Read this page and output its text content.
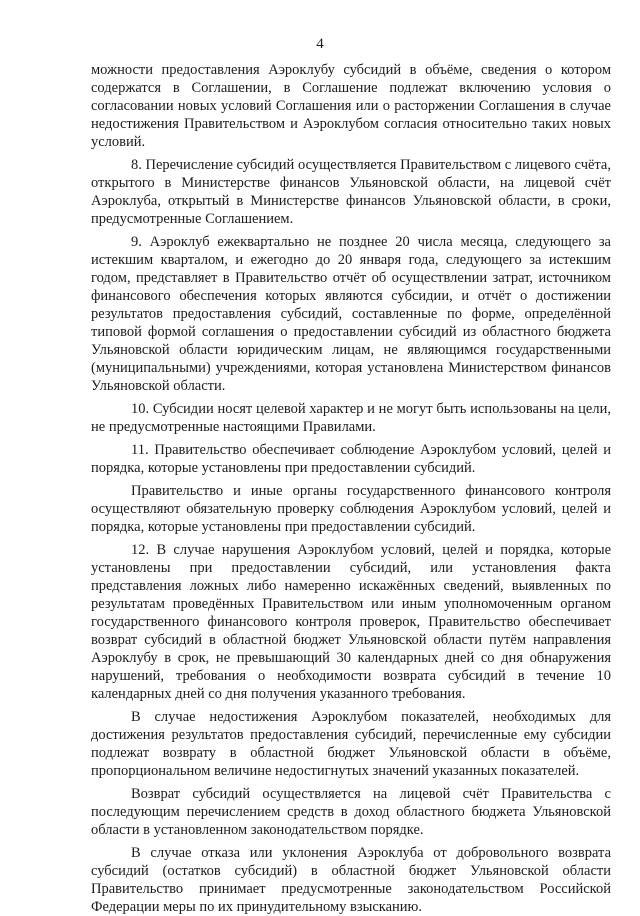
4

можности предоставления Аэроклубу субсидий в объёме, сведения о котором содержатся в Соглашении, в Соглашение подлежат включению условия о согласовании новых условий Соглашения или о расторжении Соглашения в случае недостижения Правительством и Аэроклубом согласия относительно таких новых условий.

8. Перечисление субсидий осуществляется Правительством с лицевого счёта, открытого в Министерстве финансов Ульяновской области, на лицевой счёт Аэроклуба, открытый в Министерстве финансов Ульяновской области, в сроки, предусмотренные Соглашением.

9. Аэроклуб ежеквартально не позднее 20 числа месяца, следующего за истекшим кварталом, и ежегодно до 20 января года, следующего за истекшим годом, представляет в Правительство отчёт об осуществлении затрат, источником финансового обеспечения которых являются субсидии, и отчёт о достижении результатов предоставления субсидий, составленные по форме, определённой типовой формой соглашения о предоставлении субсидий из областного бюджета Ульяновской области юридическим лицам, не являющимся государственными (муниципальными) учреждениями, которая установлена Министерством финансов Ульяновской области.

10. Субсидии носят целевой характер и не могут быть использованы на цели, не предусмотренные настоящими Правилами.

11. Правительство обеспечивает соблюдение Аэроклубом условий, целей и порядка, которые установлены при предоставлении субсидий.

Правительство и иные органы государственного финансового контроля осуществляют обязательную проверку соблюдения Аэроклубом условий, целей и порядка, которые установлены при предоставлении субсидий.

12. В случае нарушения Аэроклубом условий, целей и порядка, которые установлены при предоставлении субсидий, или установления факта представления ложных либо намеренно искажённых сведений, выявленных по результатам проведённых Правительством или иным уполномоченным органом государственного финансового контроля проверок, Правительство обеспечивает возврат субсидий в областной бюджет Ульяновской области путём направления Аэроклубу в срок, не превышающий 30 календарных дней со дня обнаружения нарушений, требования о необходимости возврата субсидий в течение 10 календарных дней со дня получения указанного требования.

В случае недостижения Аэроклубом показателей, необходимых для достижения результатов предоставления субсидий, перечисленные ему субсидии подлежат возврату в областной бюджет Ульяновской области в объёме, пропорциональном величине недостигнутых значений указанных показателей.

Возврат субсидий осуществляется на лицевой счёт Правительства с последующим перечислением средств в доход областного бюджета Ульяновской области в установленном законодательством порядке.

В случае отказа или уклонения Аэроклуба от добровольного возврата субсидий (остатков субсидий) в областной бюджет Ульяновской области Правительство принимает предусмотренные законодательством Российской Федерации меры по их принудительному взысканию.
